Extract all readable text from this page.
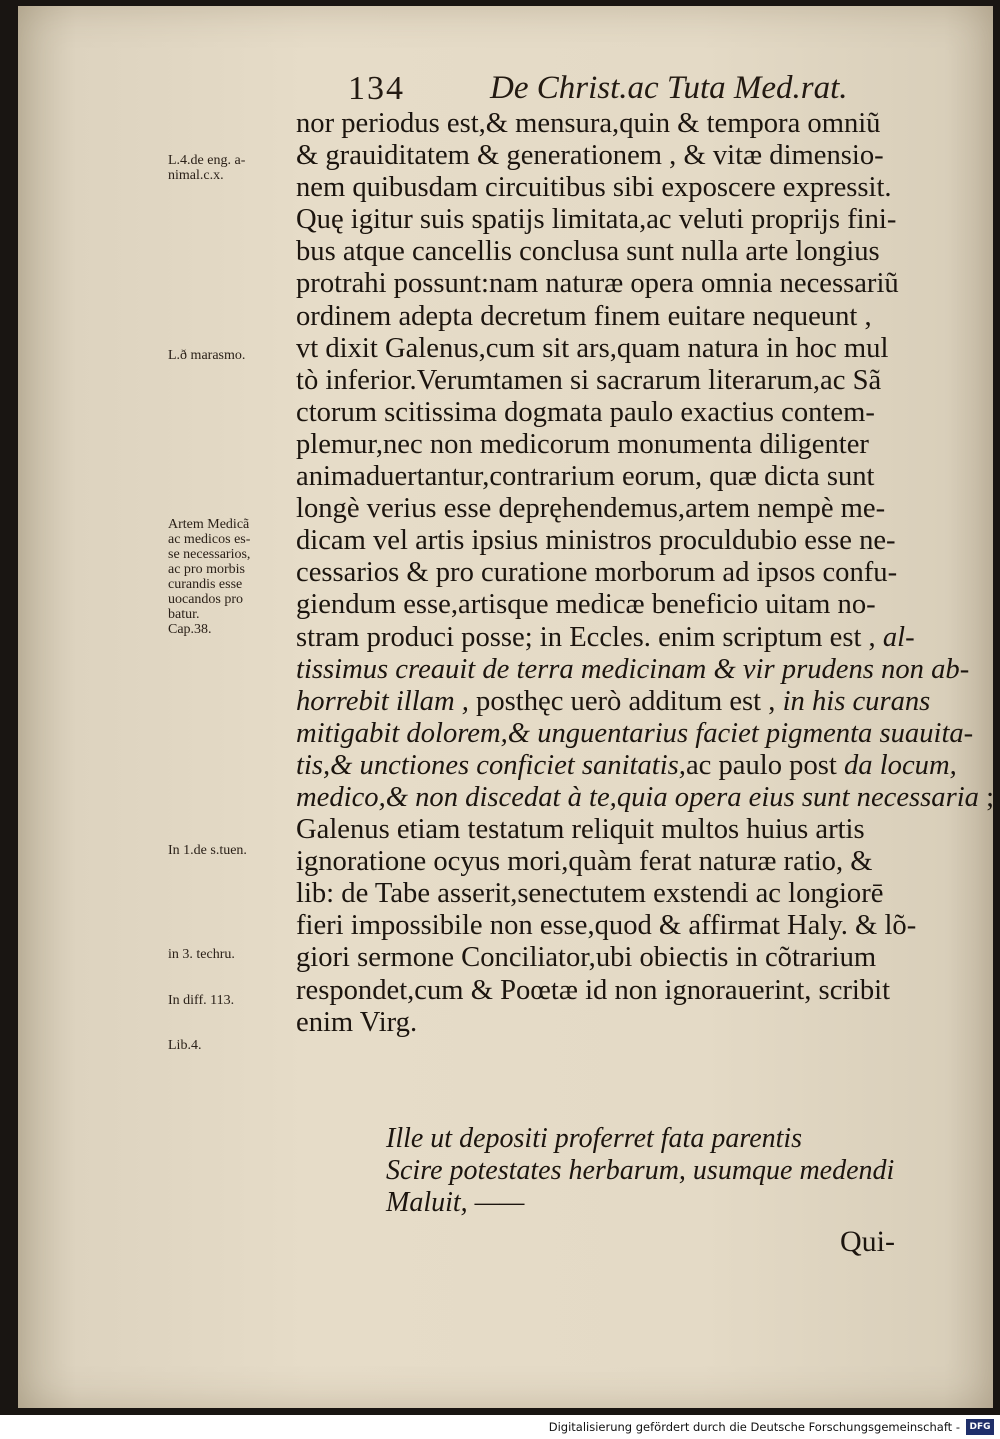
134	De Christ.ac Tuta Med.rat.
nor periodus est,& mensura,quin & tempora omniũ
& grauiditatem & generationem , & vitæ dimensio-
nem quibusdam circuitibus sibi exposcere expressit.
Quę igitur suis spatijs limitata,ac veluti proprijs fini-
bus atque cancellis conclusa sunt nulla arte longius
protrahi possunt:nam naturæ opera omnia necessariũ
ordinem adepta decretum finem euitare nequeunt ,
vt dixit Galenus,cum sit ars,quam natura in hoc mul
tò inferior.Verumtamen si sacrarum literarum,ac Sã
ctorum scitissima dogmata paulo exactius contem-
plemur,nec non medicorum monumenta diligenter
animaduertantur,contrarium eorum, quæ dicta sunt
longè verius esse depręhendemus,artem nempè me-
dicam vel artis ipsius ministros proculdubio esse ne-
cessarios & pro curatione morborum ad ipsos confu-
giendum esse,artisque medicæ beneficio uitam no-
stram produci posse; in Eccles. enim scriptum est , al-
tissimus creauit de terra medicinam & vir prudens non ab-
horrebit illam , posthęc uerò additum est , in his curans
mitigabit dolorem,& unguentarius faciet pigmenta suauita-
tis,& unctiones conficiet sanitatis,ac paulo post da locum,
medico,& non discedat à te,quia opera eius sunt necessaria ;
Galenus etiam testatum reliquit multos huius artis
ignoratione ocyus mori,quàm ferat naturæ ratio, &
lib: de Tabe asserit,senectutem exstendi ac longiorē
fieri impossibile non esse,quod & affirmat Haly. & lõ-
giori sermone Conciliator,ubi obiectis in cõtrarium
respondet,cum & Poœtæ id non ignorauerint, scribit
enim Virg.
L.4.de eng. a-
nimal.c.x.
L.ð marasmo.
Artem Medicã
ac medicos es-
se necessarios,
ac pro morbis
curandis esse
uocandos pro
batur.
Cap.38.
In 1.de s.tuen.
in 3. techru.
In diff. 113.
Lib.4.
Ille ut depositi proferret fata parentis
Scire potestates herbarum, usumque medendi
Maluit, ——
Qui-
Digitalisierung gefördert durch die Deutsche Forschungsgemeinschaft -	DFG
